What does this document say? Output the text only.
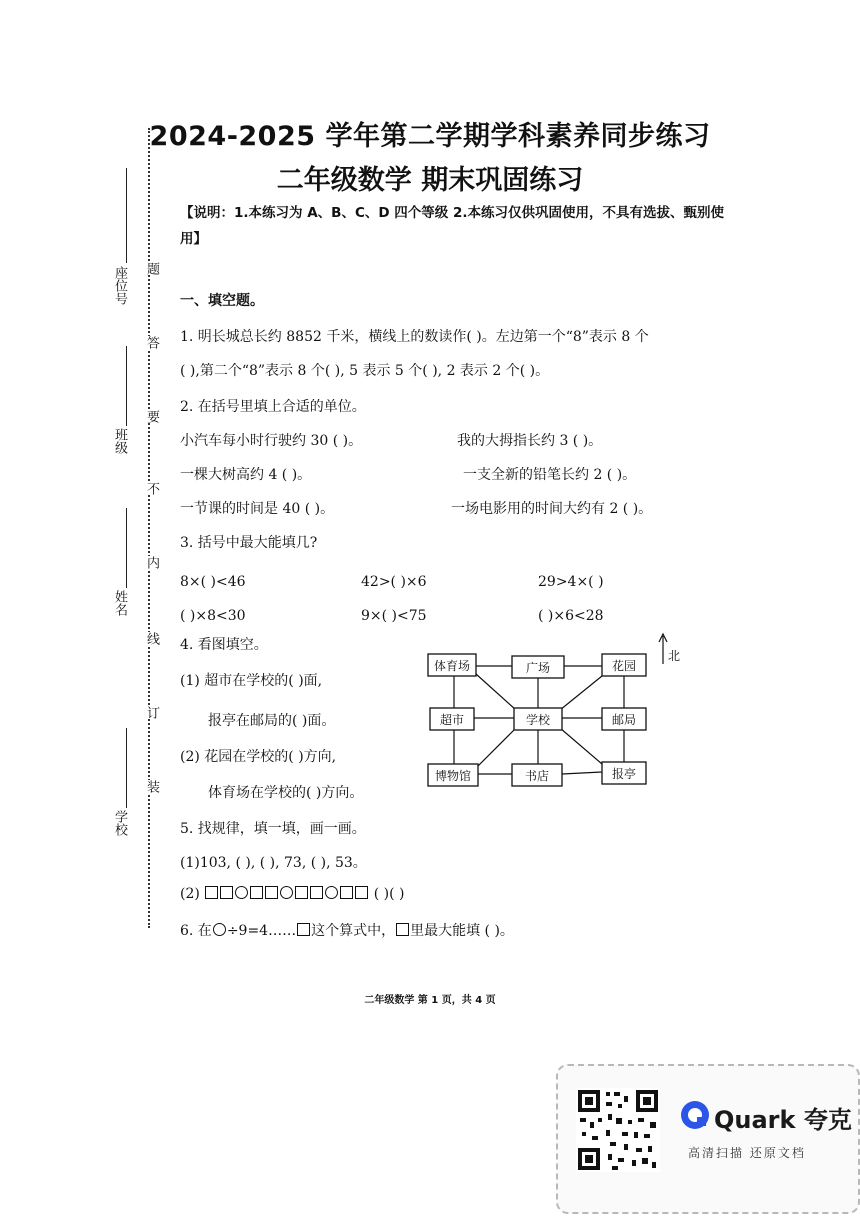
2024-2025 学年第二学期学科素养同步练习
二年级数学 期末巩固练习
【说明：1.本练习为 A、B、C、D 四个等级 2.本练习仅供巩固使用，不具有选拔、甄别使
用】
座位号
班级
姓名
学校
题
答
要
不
内
线
订
装
一、填空题。
1. 明长城总长约 8852 千米，横线上的数读作( )。左边第一个“8”表示 8 个
( ),第二个“8”表示 8 个( ), 5 表示 5 个( ), 2 表示 2 个( )。
2. 在括号里填上合适的单位。
小汽车每小时行驶约 30 ( )。	我的大拇指长约 3 ( )。
一棵大树高约 4 ( )。	一支全新的铅笔长约 2 ( )。
一节课的时间是 40 ( )。	一场电影用的时间大约有 2 ( )。
3. 括号中最大能填几?
8×( )<46	42>( )×6	29>4×( )
( )×8<30	9×( )<75	( )×6<28
4. 看图填空。
(1) 超市在学校的( )面,
报亭在邮局的( )面。
(2) 花园在学校的( )方向,
体育场在学校的( )方向。
体育场	广场	花园
超市	学校	邮局
博物馆	书店	报亭
北
5. 找规律，填一填，画一画。
(1)103, ( ), ( ), 73, ( ), 53。
(2)	( )( )
6. 在 ÷9=4…… 这个算式中， 里最大能填 ( )。
二年级数学 第 1 页，共 4 页
Quark 夸克
高清扫描 还原文档
